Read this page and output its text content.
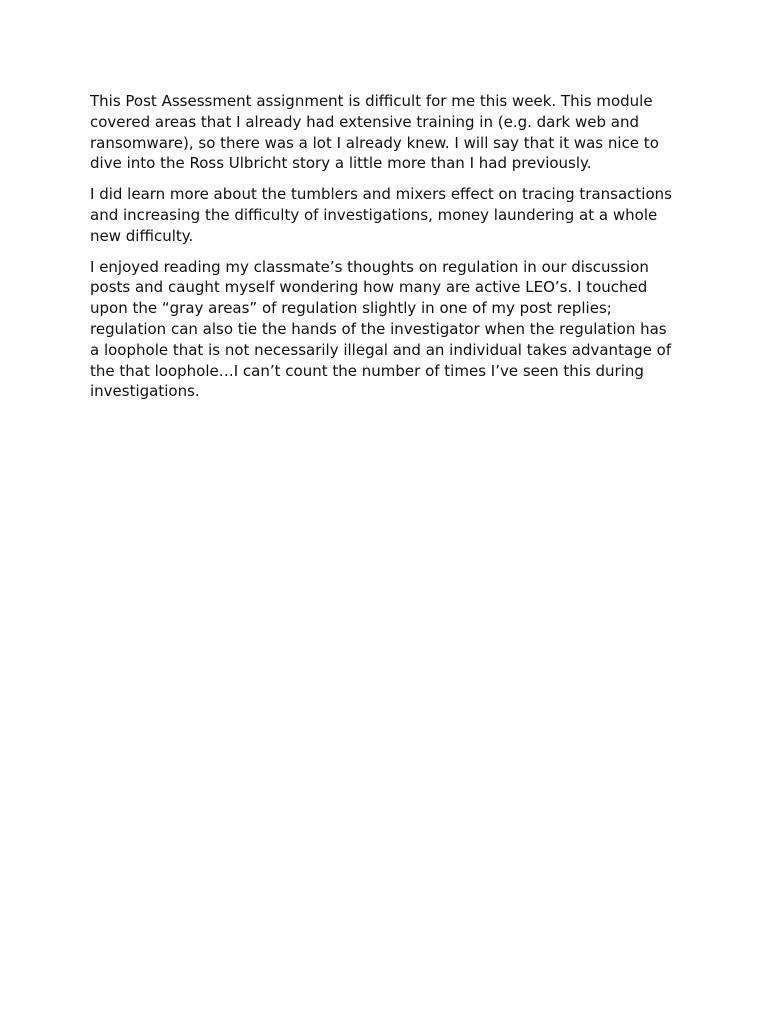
This Post Assessment assignment is difficult for me this week. This module covered areas that I already had extensive training in (e.g. dark web and ransomware), so there was a lot I already knew. I will say that it was nice to dive into the Ross Ulbricht story a little more than I had previously.

I did learn more about the tumblers and mixers effect on tracing transactions and increasing the difficulty of investigations, money laundering at a whole new difficulty.

I enjoyed reading my classmate’s thoughts on regulation in our discussion posts and caught myself wondering how many are active LEO’s. I touched upon the “gray areas” of regulation slightly in one of my post replies; regulation can also tie the hands of the investigator when the regulation has a loophole that is not necessarily illegal and an individual takes advantage of the that loophole…I can’t count the number of times I’ve seen this during investigations.
